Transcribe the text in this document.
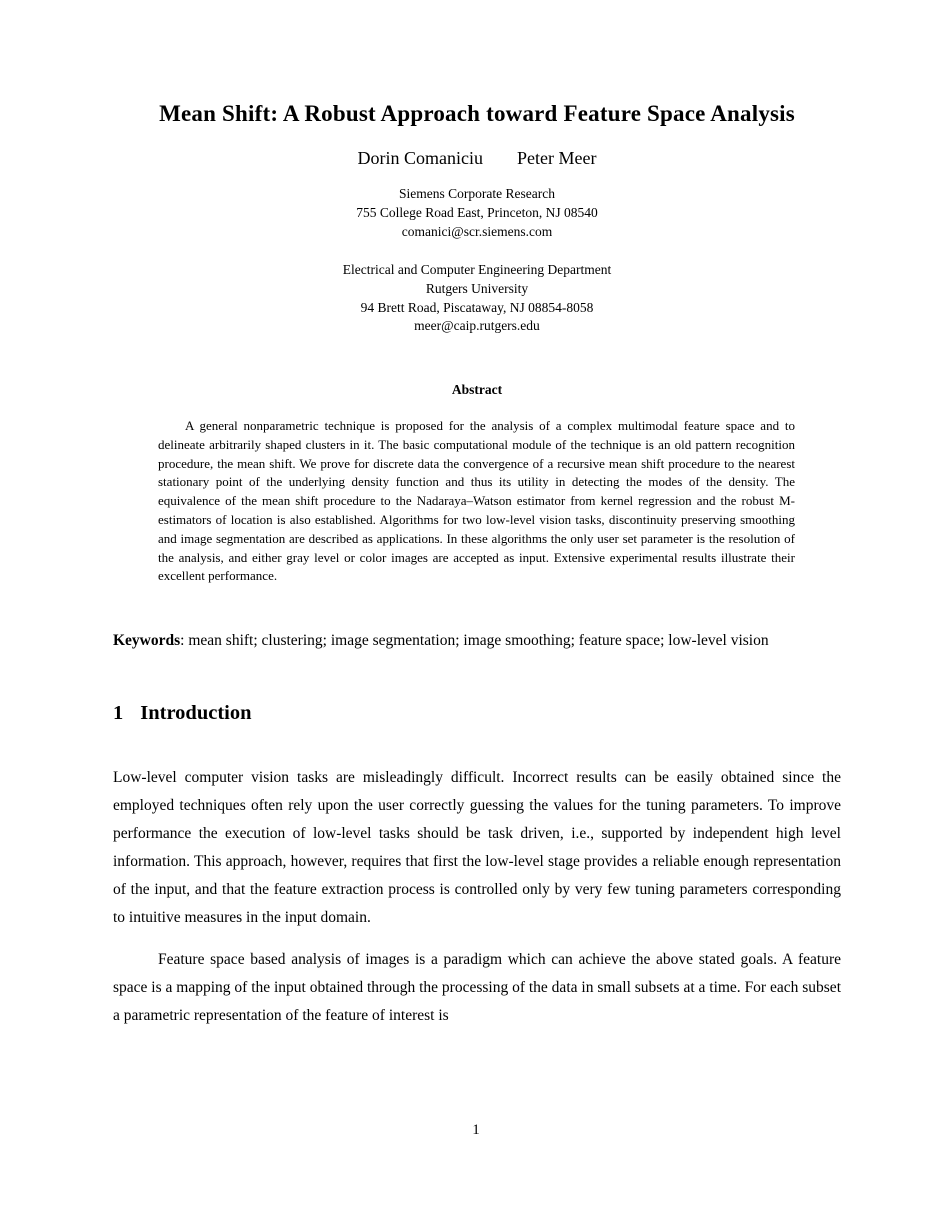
Mean Shift: A Robust Approach toward Feature Space Analysis
Dorin Comaniciu Peter Meer
Siemens Corporate Research
755 College Road East, Princeton, NJ 08540
comanici@scr.siemens.com
Electrical and Computer Engineering Department
Rutgers University
94 Brett Road, Piscataway, NJ 08854-8058
meer@caip.rutgers.edu
Abstract

A general nonparametric technique is proposed for the analysis of a complex multimodal feature space and to delineate arbitrarily shaped clusters in it. The basic computational module of the technique is an old pattern recognition procedure, the mean shift. We prove for discrete data the convergence of a recursive mean shift procedure to the nearest stationary point of the underlying density function and thus its utility in detecting the modes of the density. The equivalence of the mean shift procedure to the Nadaraya–Watson estimator from kernel regression and the robust M-estimators of location is also established. Algorithms for two low-level vision tasks, discontinuity preserving smoothing and image segmentation are described as applications. In these algorithms the only user set parameter is the resolution of the analysis, and either gray level or color images are accepted as input. Extensive experimental results illustrate their excellent performance.

Keywords: mean shift; clustering; image segmentation; image smoothing; feature space; low-level vision

1 Introduction

Low-level computer vision tasks are misleadingly difficult. Incorrect results can be easily obtained since the employed techniques often rely upon the user correctly guessing the values for the tuning parameters. To improve performance the execution of low-level tasks should be task driven, i.e., supported by independent high level information. This approach, however, requires that first the low-level stage provides a reliable enough representation of the input, and that the feature extraction process is controlled only by very few tuning parameters corresponding to intuitive measures in the input domain.

Feature space based analysis of images is a paradigm which can achieve the above stated goals. A feature space is a mapping of the input obtained through the processing of the data in small subsets at a time. For each subset a parametric representation of the feature of interest is

1
